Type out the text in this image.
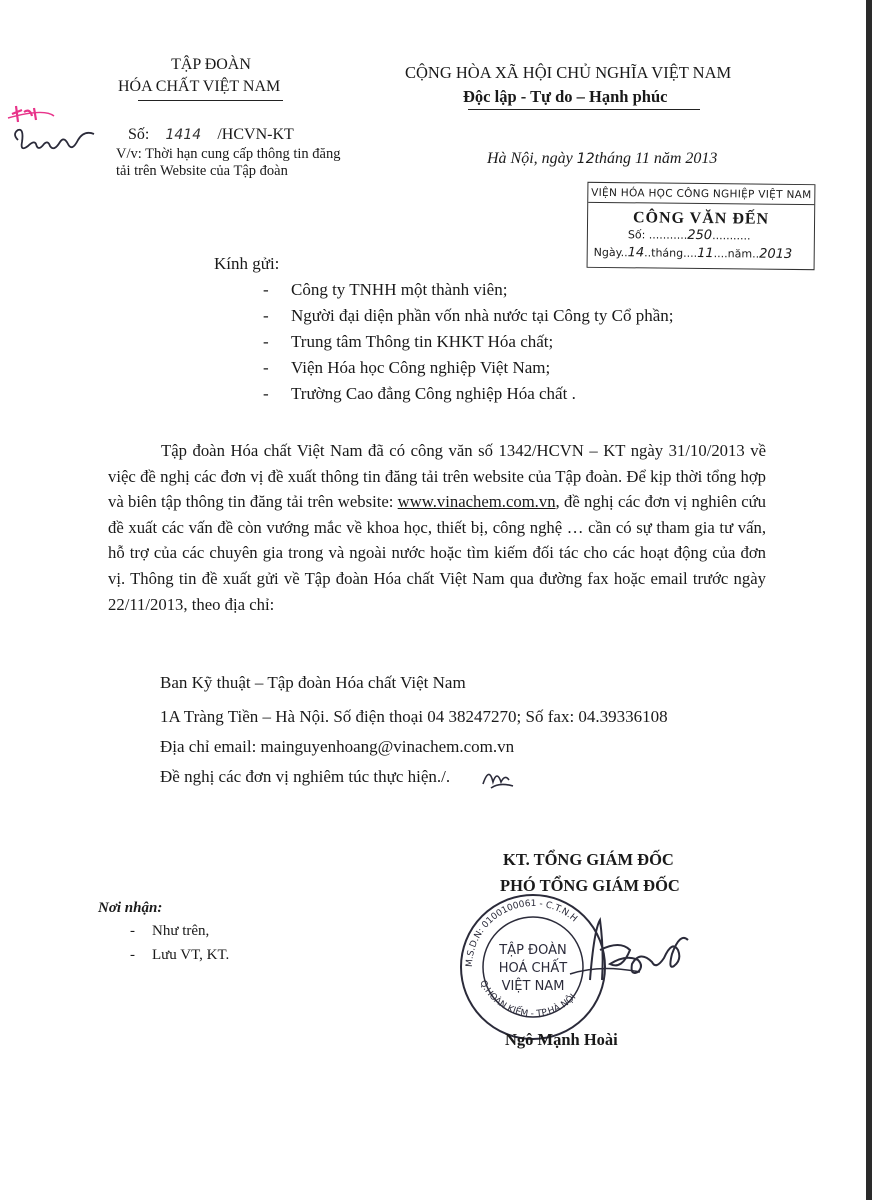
TẬP ĐOÀN
HÓA CHẤT VIỆT NAM
CỘNG HÒA XÃ HỘI CHỦ NGHĨA VIỆT NAM
Độc lập - Tự do – Hạnh phúc
Số: 1414 /HCVN-KT
V/v: Thời hạn cung cấp thông tin đăng tải trên Website của Tập đoàn
Hà Nội, ngày 12tháng 11 năm 2013
VIỆN HÓA HỌC CÔNG NGHIỆP VIỆT NAM
CÔNG VĂN ĐẾN
Số: ...........250...........
Ngày..14..tháng....11....năm..2013
Kính gửi:
- Công ty TNHH một thành viên;
- Người đại diện phần vốn nhà nước tại Công ty Cổ phần;
- Trung tâm Thông tin KHKT Hóa chất;
- Viện Hóa học Công nghiệp Việt Nam;
- Trường Cao đẳng Công nghiệp Hóa chất .
Tập đoàn Hóa chất Việt Nam đã có công văn số 1342/HCVN – KT ngày 31/10/2013 về việc đề nghị các đơn vị đề xuất thông tin đăng tải trên website của Tập đoàn. Để kịp thời tổng hợp và biên tập thông tin đăng tải trên website: www.vinachem.com.vn, đề nghị các đơn vị nghiên cứu đề xuất các vấn đề còn vướng mắc về khoa học, thiết bị, công nghệ … cần có sự tham gia tư vấn, hỗ trợ của các chuyên gia trong và ngoài nước hoặc tìm kiếm đối tác cho các hoạt động của đơn vị. Thông tin đề xuất gửi về Tập đoàn Hóa chất Việt Nam qua đường fax hoặc email trước ngày 22/11/2013, theo địa chỉ:
Ban Kỹ thuật – Tập đoàn Hóa chất Việt Nam
1A Tràng Tiền – Hà Nội. Số điện thoại 04 38247270; Số fax: 04.39336108
Địa chỉ email: mainguyenhoang@vinachem.com.vn
Đề nghị các đơn vị nghiêm túc thực hiện./.
KT. TỔNG GIÁM ĐỐC
PHÓ TỔNG GIÁM ĐỐC
M.S.D.N: 0100100061 - C.T.N.H
Q.HOÀN KIẾM - TP.HÀ NỘI
TẬP ĐOÀN
HOÁ CHẤT
VIỆT NAM
Ngô Mạnh Hoài
Nơi nhận:
- Như trên,
- Lưu VT, KT.
